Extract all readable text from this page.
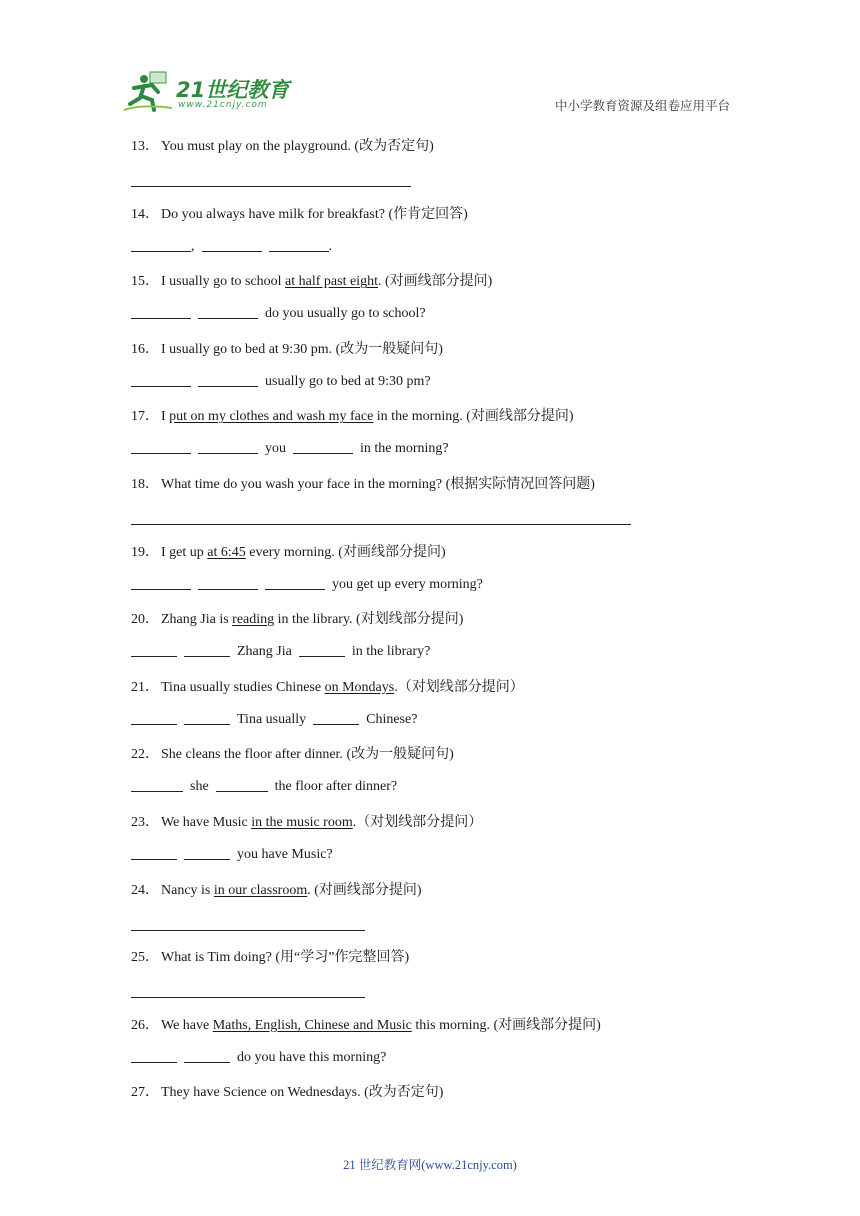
21世纪教育
www.21cnjy.com	中小学教育资源及组卷应用平台
13． You must play on the playground. (改为否定句)
14． Do you always have milk for breakfast? (作肯定回答)
,	.
15． I usually go to school at half past eight. (对画线部分提问)
do you usually go to school?
16． I usually go to bed at 9:30 pm. (改为一般疑问句)
usually go to bed at 9:30 pm?
17． I put on my clothes and wash my face in the morning. (对画线部分提问)
you	in the morning?
18． What time do you wash your face in the morning? (根据实际情况回答问题)
19． I get up at 6:45 every morning. (对画线部分提问)
you get up every morning?
20． Zhang Jia is reading in the library. (对划线部分提问)
Zhang Jia	in the library?
21． Tina usually studies Chinese on Mondays.（对划线部分提问）
Tina usually	Chinese?
22． She cleans the floor after dinner. (改为一般疑问句)
she	the floor after dinner?
23． We have Music in the music room.（对划线部分提问）
you have Music?
24． Nancy is in our classroom. (对画线部分提问)
25． What is Tim doing? (用“学习”作完整回答)
26． We have Maths, English, Chinese and Music this morning. (对画线部分提问)
do you have this morning?
27． They have Science on Wednesdays. (改为否定句)
21 世纪教育网(www.21cnjy.com)
